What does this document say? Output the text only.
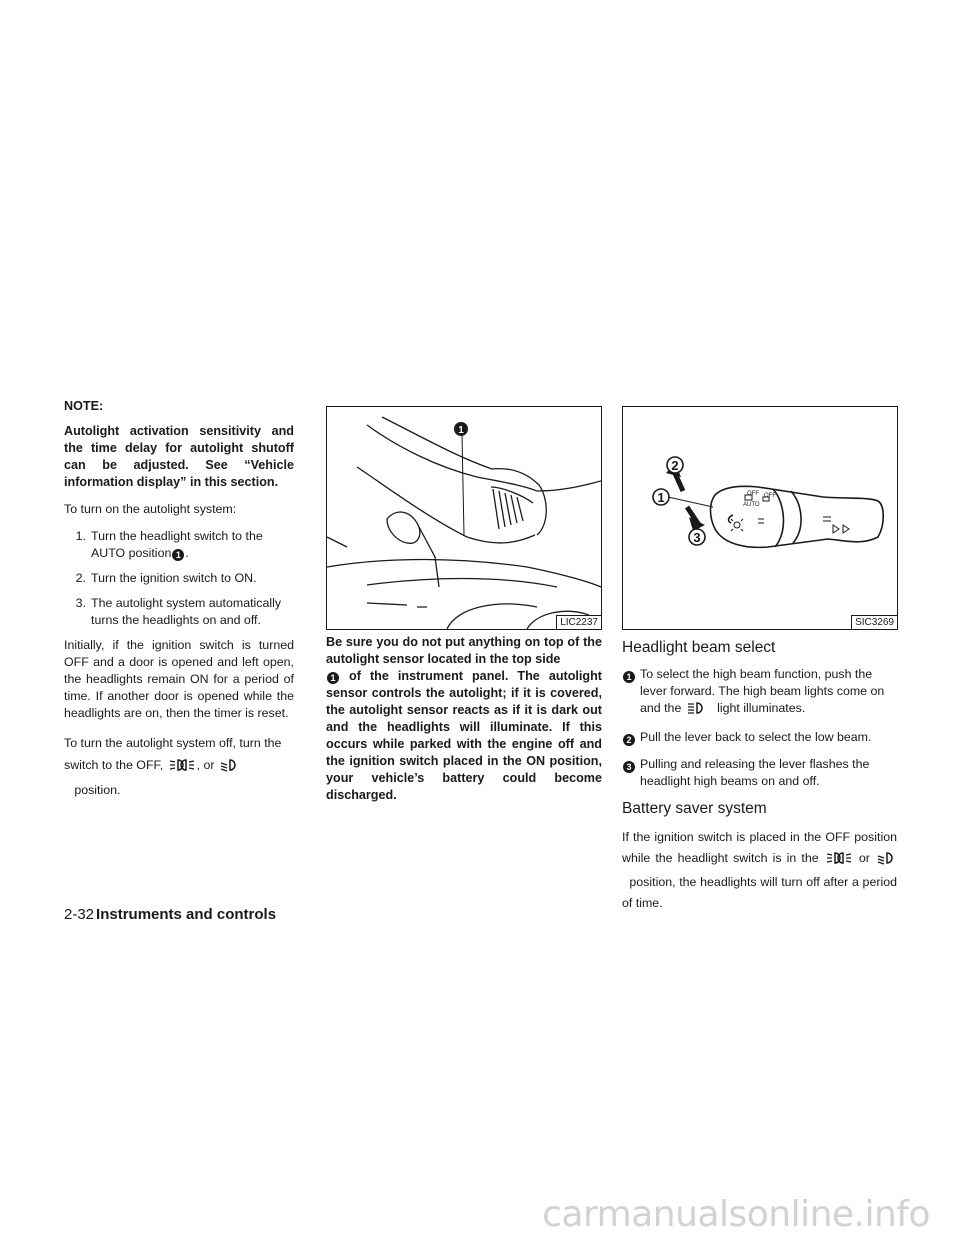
NOTE:

Autolight activation sensitivity and the time delay for autolight shutoff can be adjusted. See “Vehicle information display” in this section.

To turn on the autolight system:

1. Turn the headlight switch to the AUTO position 1 .
2. Turn the ignition switch to ON.
3. The autolight system automatically turns the headlights on and off.

Initially, if the ignition switch is turned OFF and a door is opened and left open, the headlights remain ON for a period of time. If another door is opened while the headlights are on, then the timer is reset.

To turn the autolight system off, turn the switch to the OFF,	, or    position.

1
LIC2237

Be sure you do not put anything on top of the autolight sensor located in the top side
1 of the instrument panel. The autolight sensor controls the autolight; if it is covered, the autolight sensor reacts as if it is dark out and the headlights will illuminate. If this occurs while parked with the engine off and the ignition switch placed in the ON position, your vehicle’s battery could become discharged.

OFF OFF
AUTO
1
2
3
SIC3269
Headlight beam select
1 To select the high beam function, push the lever forward. The high beam lights come on and the	light illuminates.
2 Pull the lever back to select the low beam.
3 Pulling and releasing the lever flashes the headlight high beams on and off.
Battery saver system

If the ignition switch is placed in the OFF position while the headlight switch is in the	or   position, the headlights will turn off after a period of time.

2-32 Instruments and controls
carmanualsonline.info
